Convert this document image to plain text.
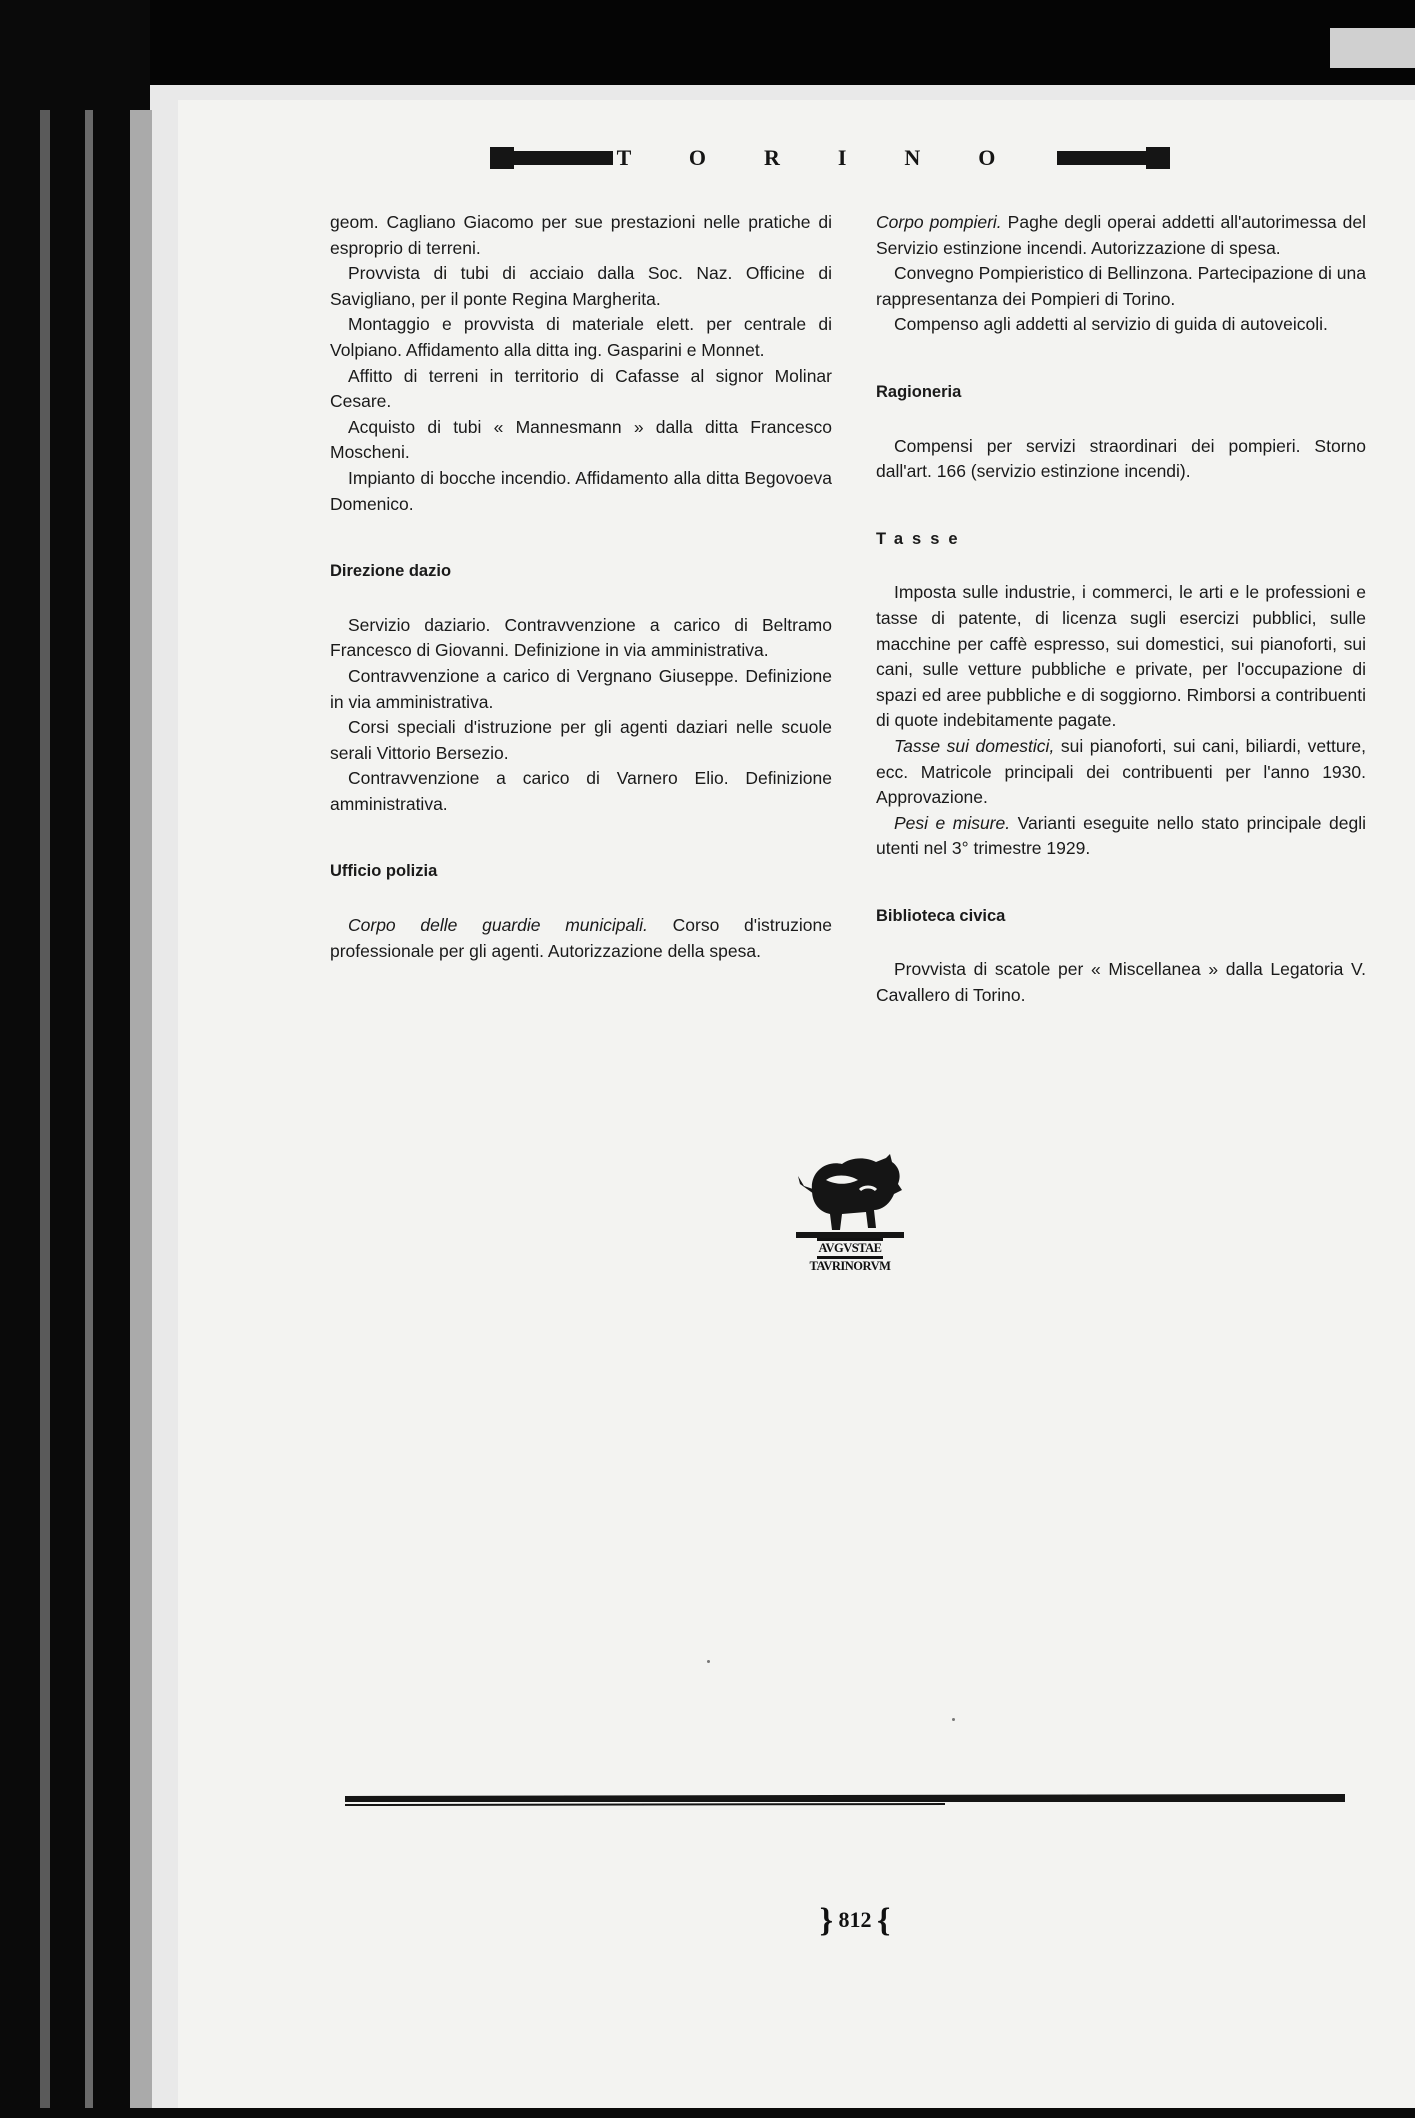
TORINO

geom. Cagliano Giacomo per sue prestazioni nelle pratiche di esproprio di terreni.

Provvista di tubi di acciaio dalla Soc. Naz. Officine di Savigliano, per il ponte Regina Margherita.

Montaggio e provvista di materiale elett. per centrale di Volpiano. Affidamento alla ditta ing. Gasparini e Monnet.

Affitto di terreni in territorio di Cafasse al signor Molinar Cesare.

Acquisto di tubi « Mannesmann » dalla ditta Francesco Moscheni.

Impianto di bocche incendio. Affidamento alla ditta Begovoeva Domenico.

Direzione dazio

Servizio daziario. Contravvenzione a carico di Beltramo Francesco di Giovanni. Definizione in via amministrativa.

Contravvenzione a carico di Vergnano Giuseppe. Definizione in via amministrativa.

Corsi speciali d'istruzione per gli agenti daziari nelle scuole serali Vittorio Bersezio.

Contravvenzione a carico di Varnero Elio. Definizione amministrativa.

Ufficio polizia

Corpo delle guardie municipali. Corso d'istruzione professionale per gli agenti. Autorizzazione della spesa.

Corpo pompieri. Paghe degli operai addetti all'autorimessa del Servizio estinzione incendi. Autorizzazione di spesa.

Convegno Pompieristico di Bellinzona. Partecipazione di una rappresentanza dei Pompieri di Torino.

Compenso agli addetti al servizio di guida di autoveicoli.

Ragioneria

Compensi per servizi straordinari dei pompieri. Storno dall'art. 166 (servizio estinzione incendi).

Tasse

Imposta sulle industrie, i commerci, le arti e le professioni e tasse di patente, di licenza sugli esercizi pubblici, sulle macchine per caffè espresso, sui domestici, sui pianoforti, sui cani, sulle vetture pubbliche e private, per l'occupazione di spazi ed aree pubbliche e di soggiorno. Rimborsi a contribuenti di quote indebitamente pagate.

Tasse sui domestici, sui pianoforti, sui cani, biliardi, vetture, ecc. Matricole principali dei contribuenti per l'anno 1930. Approvazione.

Pesi e misure. Varianti eseguite nello stato principale degli utenti nel 3° trimestre 1929.

Biblioteca civica

Provvista di scatole per « Miscellanea » dalla Legatoria V. Cavallero di Torino.

AVGVSTAE
TAVRINORVM
} 812 {
